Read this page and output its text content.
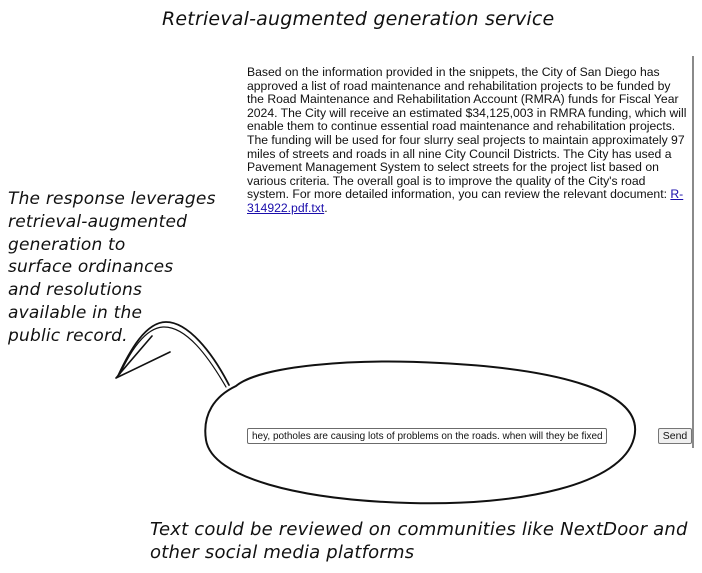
Retrieval-augmented generation service
Based on the information provided in the snippets, the City of San Diego has approved a list of road maintenance and rehabilitation projects to be funded by the Road Maintenance and Rehabilitation Account (RMRA) funds for Fiscal Year 2024. The City will receive an estimated $34,125,003 in RMRA funding, which will enable them to continue essential road maintenance and rehabilitation projects. The funding will be used for four slurry seal projects to maintain approximately 97 miles of streets and roads in all nine City Council Districts. The City has used a Pavement Management System to select streets for the project list based on various criteria. The overall goal is to improve the quality of the City's road system. For more detailed information, you can review the relevant document: R-314922.pdf.txt.
hey, potholes are causing lots of problems on the roads. when will they be fixed?
Send
The response leverages
retrieval-augmented
generation to
surface ordinances
and resolutions
available in the
public record.
Text could be reviewed on communities like NextDoor and
other social media platforms
